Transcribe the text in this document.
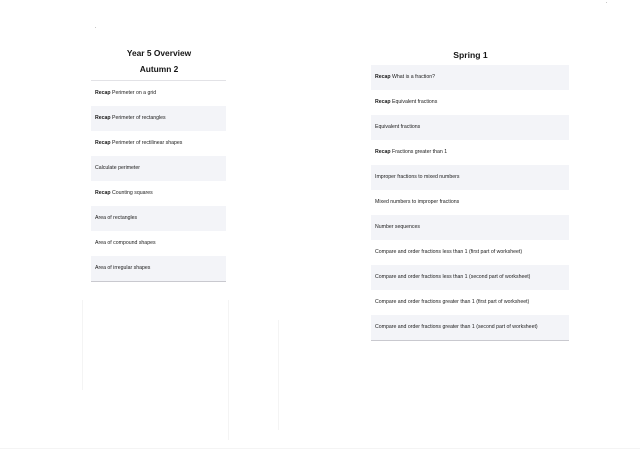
Year 5 Overview
Autumn 2
Recap Perimeter on a grid
Recap Perimeter of rectangles
Recap Perimeter of rectilinear shapes
Calculate perimeter
Recap Counting squares
Area of rectangles
Area of compound shapes
Area of irregular shapes
Spring 1
Recap What is a fraction?
Recap Equivalent fractions
Equivalent fractions
Recap Fractions greater than 1
Improper fractions to mixed numbers
Mixed numbers to improper fractions
Number sequences
Compare and order fractions less than 1 (first part of worksheet)
Compare and order fractions less than 1 (second part of worksheet)
Compare and order fractions greater than 1 (first part of worksheet)
Compare and order fractions greater than 1 (second part of worksheet)
